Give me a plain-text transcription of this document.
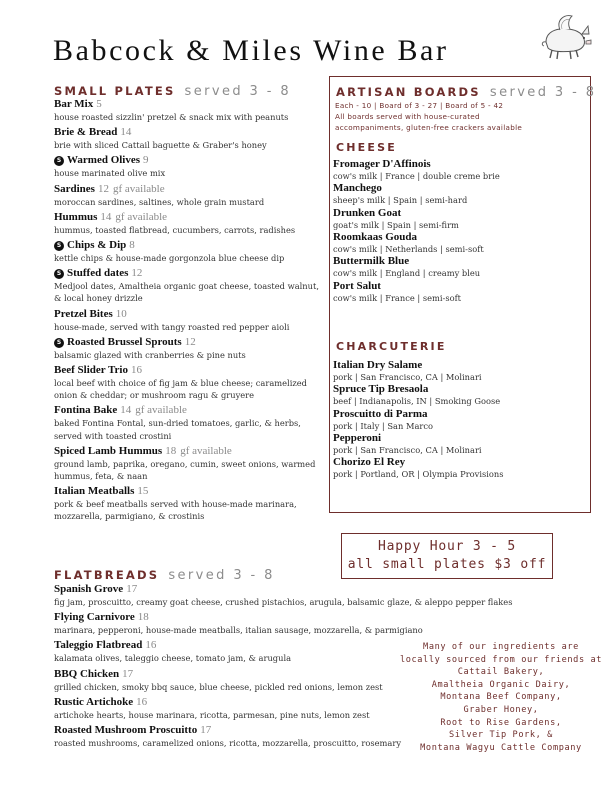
Babcock & Miles Wine Bar
SMALL PLATES served 3 - 8
Bar Mix 5
house roasted sizzlin' pretzel & snack mix with peanuts
Brie & Bread 14
brie with sliced Cattail baguette & Graber's honey
S Warmed Olives 9
house marinated olive mix
Sardines 12 gf available
moroccan sardines, saltines, whole grain mustard
Hummus 14 gf available
hummus, toasted flatbread, cucumbers, carrots, radishes
S Chips & Dip 8
kettle chips & house-made gorgonzola blue cheese dip
S Stuffed dates 12
Medjool dates, Amaltheia organic goat cheese, toasted walnut,
& local honey drizzle
Pretzel Bites 10
house-made, served with tangy roasted red pepper aioli
S Roasted Brussel Sprouts 12
balsamic glazed with cranberries & pine nuts
Beef Slider Trio 16
local beef with choice of fig jam & blue cheese; caramelized
onion & cheddar; or mushroom ragu & gruyere
Fontina Bake 14 gf available
baked Fontina Fontal, sun-dried tomatoes, garlic, & herbs,
served with toasted crostini
Spiced Lamb Hummus 18 gf available
ground lamb, paprika, oregano, cumin, sweet onions, warmed
hummus, feta, & naan
Italian Meatballs 15
pork & beef meatballs served with house-made marinara,
mozzarella, parmigiano, & crostinis
FLATBREADS served 3 - 8
Spanish Grove 17
fig jam, proscuitto, creamy goat cheese, crushed pistachios, arugula, balsamic glaze, & aleppo pepper flakes
Flying Carnivore 18
marinara, pepperoni, house-made meatballs, italian sausage, mozzarella, & parmigiano
Taleggio Flatbread 16
kalamata olives, taleggio cheese, tomato jam, & arugula
BBQ Chicken 17
grilled chicken, smoky bbq sauce, blue cheese, pickled red onions, lemon zest
Rustic Artichoke 16
artichoke hearts, house marinara, ricotta, parmesan, pine nuts, lemon zest
Roasted Mushroom Proscuitto 17
roasted mushrooms, caramelized onions, ricotta, mozzarella, proscuitto, rosemary
ARTISAN BOARDS served 3 - 8
Each - 10 | Board of 3 - 27 | Board of 5 - 42
All boards served with house-curated
accompaniments, gluten-free crackers available
CHEESE
Fromager D'Affinois
cow's milk | France | double creme brie
Manchego
sheep's milk | Spain | semi-hard
Drunken Goat
goat's milk | Spain | semi-firm
Roomkaas Gouda
cow's milk | Netherlands | semi-soft
Buttermilk Blue
cow's milk | England | creamy bleu
Port Salut
cow's milk | France | semi-soft
CHARCUTERIE
Italian Dry Salame
pork | San Francisco, CA | Molinari
Spruce Tip Bresaola
beef | Indianapolis, IN | Smoking Goose
Proscuitto di Parma
pork | Italy | San Marco
Pepperoni
pork | San Francisco, CA | Molinari
Chorizo El Rey
pork | Portland, OR | Olympia Provisions
Happy Hour 3 - 5
all small plates $3 off
Many of our ingredients are
locally sourced from our friends at
Cattail Bakery,
Amaltheia Organic Dairy,
Montana Beef Company,
Graber Honey,
Root to Rise Gardens,
Silver Tip Pork, &
Montana Wagyu Cattle Company
